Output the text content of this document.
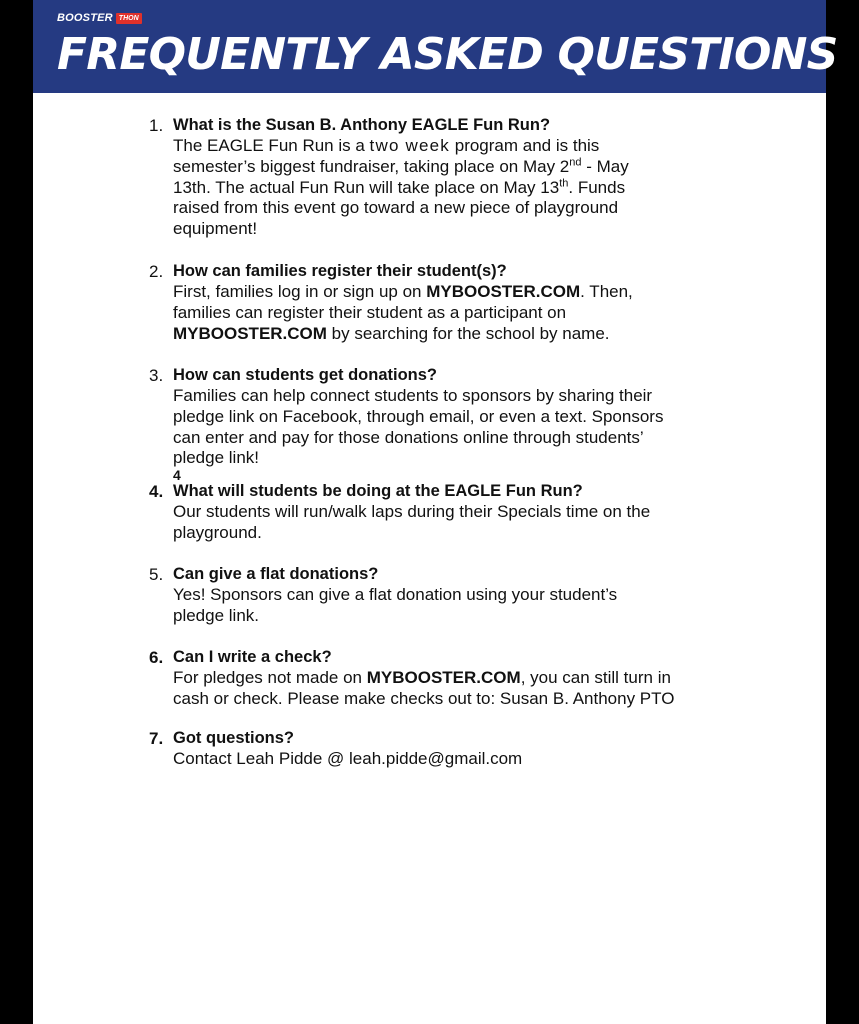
BOOSTER THON
FREQUENTLY ASKED QUESTIONS
1. What is the Susan B. Anthony EAGLE Fun Run?
The EAGLE Fun Run is a two week program and is this
semester’s biggest fundraiser, taking place on May 2nd - May
13th. The actual Fun Run will take place on May 13th. Funds
raised from this event go toward a new piece of playground
equipment!
2. How can families register their student(s)?
First, families log in or sign up on MYBOOSTER.COM. Then,
families can register their student as a participant on
MYBOOSTER.COM by searching for the school by name.
3. How can students get donations?
Families can help connect students to sponsors by sharing their
pledge link on Facebook, through email, or even a text. Sponsors
can enter and pay for those donations online through students’
pledge link!
4
4. What will students be doing at the EAGLE Fun Run?
Our students will run/walk laps during their Specials time on the
playground.
5. Can give a flat donations?
Yes! Sponsors can give a flat donation using your student’s
pledge link.
6. Can I write a check?
For pledges not made on MYBOOSTER.COM, you can still turn in
cash or check. Please make checks out to: Susan B. Anthony PTO
7. Got questions?
Contact Leah Pidde @ leah.pidde@gmail.com
